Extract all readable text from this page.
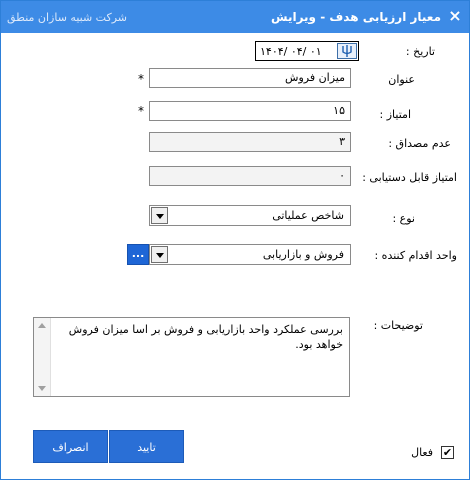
شرکت شبیه سازان منطق	معیار ارزیابی هدف - ویرایش ×
تاریخ :
۱۴۰۴/ ۰۴/ ۰۱
عنوان
*	میزان فروش
امتیاز :
*	۱۵
عدم مصداق :
۳
امتیاز قابل دستیابی :
۰
نوع :
شاخص عملیاتی
واحد اقدام کننده :
...	فروش و بازاریابی
توضیحات :
بررسی عملکرد واحد بازاریابی و فروش بر اسا میزان فروش خواهد بود.
تایید
انصراف	✔
فعال
